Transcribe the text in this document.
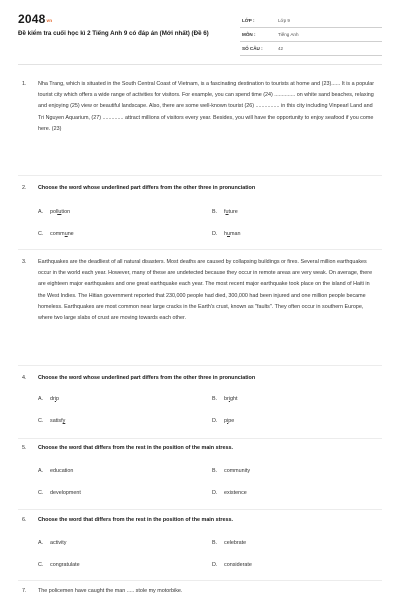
2048vn
Đề kiểm tra cuối học kì 2 Tiếng Anh 9 có đáp án (Mới nhất) (Đề 6)
LỚP :	Lớp 9
MÔN :	Tiếng Anh
SỐ CÂU :	42
1. Nha Trang, which is situated in the South Central Coast of Vietnam, is a fascinating destination to tourists at home and (23)...... It is a popular tourist city which offers a wide range of activities for visitors. For example, you can spend time (24) .............. on white sand beaches, relaxing and enjoying (25) view or beautiful landscape. Also, there are some well-known tourist (26) ................ in this city including Vinpearl Land and Tri Nguyen Aquarium, (27) .............. attract millions of visitors every year. Besides, you will have the opportunity to enjoy seafood if you come here. (23)
2. Choose the word whose underlined part differs from the other three in pronunciation
A. pollution	B. future
C. commune	D. human
3. Earthquakes are the deadliest of all natural disasters. Most deaths are caused by collapsing buildings or fires. Several million earthquakes occur in the world each year. However, many of these are undetected because they occur in remote areas are very weak. On average, there are eighteen major earthquakes and one great earthquake each year. The most recent major earthquake took place on the island of Haiti in the West Indies. The Hitian government reported that 230,000 people had died, 300,000 had been injured and one million people became homeless. Earthquakes are most common near large cracks in the Earth's crust, known as "faults". They often occur in southern Europe, where two large slabs of crust are moving towards each other.
4. Choose the word whose underlined part differs from the other three in pronunciation
A. drip	B. bright
C. satisfy	D. pipe
5. Choose the word that differs from the rest in the position of the main stress.
A. education	B. community
C. development	D. existence
6. Choose the word that differs from the rest in the position of the main stress.
A. activity	B. celebrate
C. congratulate	D. considerate
7. The policemen have caught the man ..... stole my motorbike.
